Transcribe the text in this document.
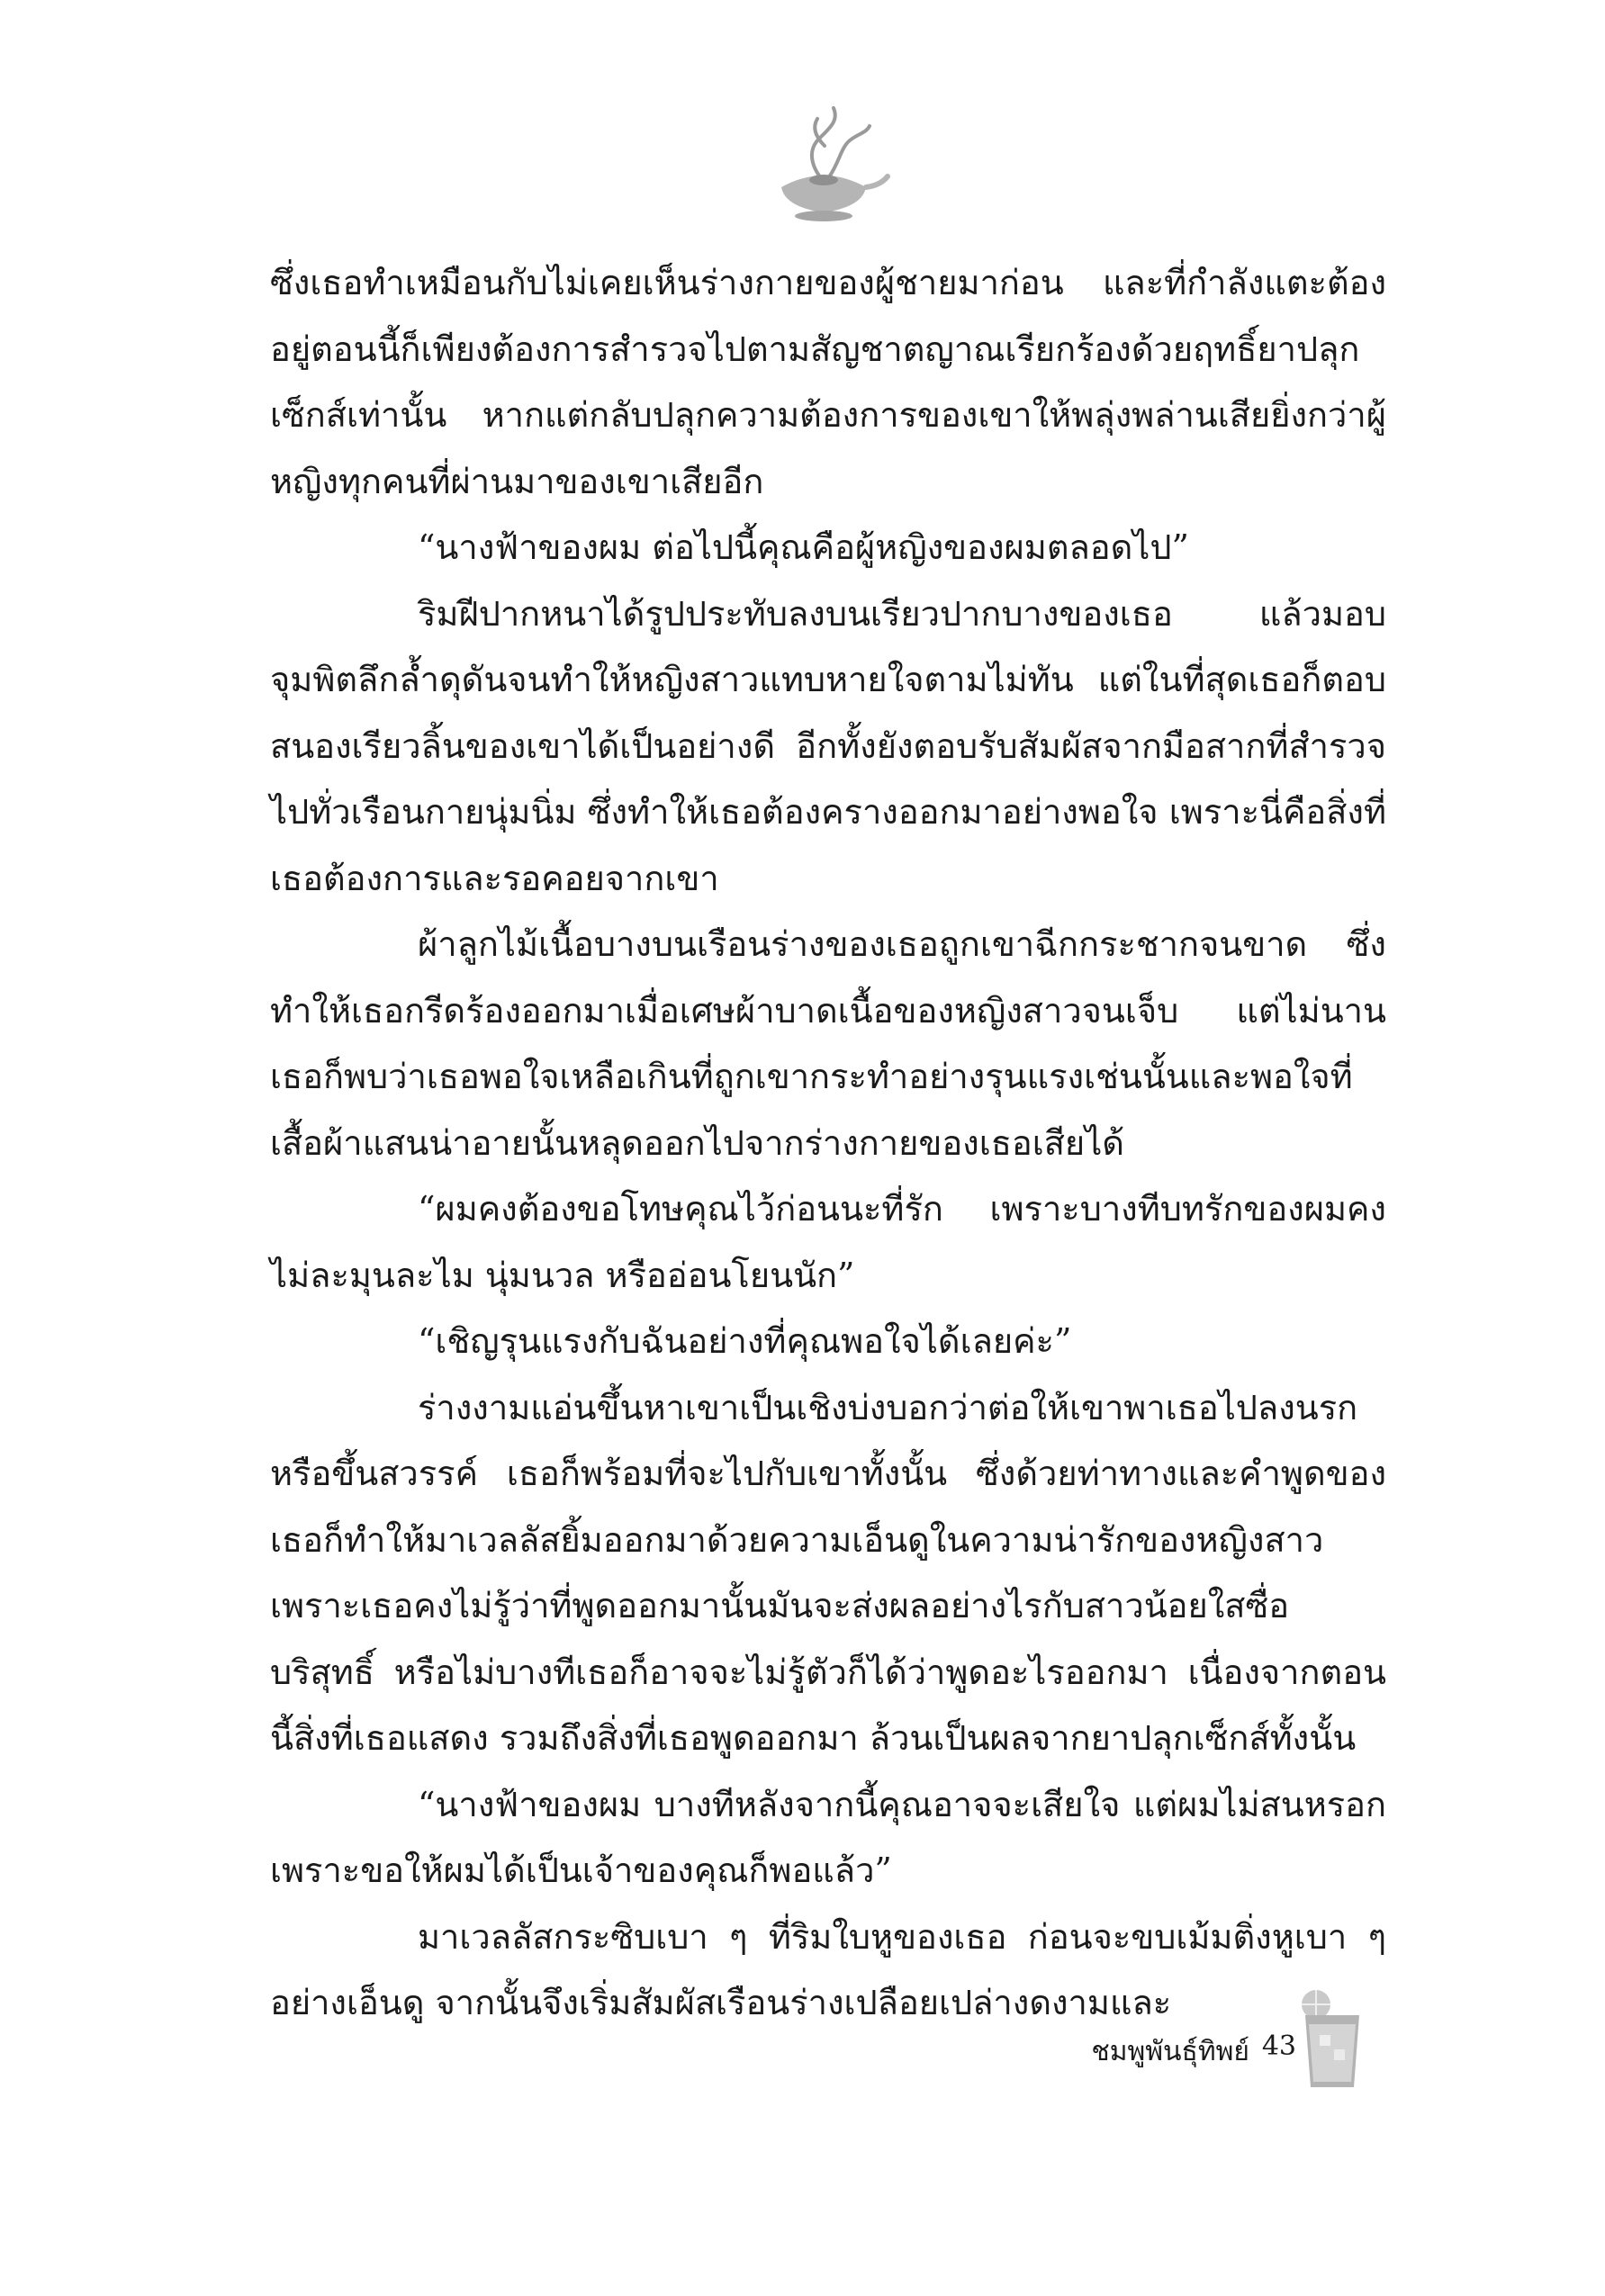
ซึ่งเธอทำเหมือนกับไม่เคยเห็นร่างกายของผู้ชายมาก่อน และที่กำลังแตะต้องอยู่ตอนนี้ก็เพียงต้องการสำรวจไปตามสัญชาตญาณเรียกร้องด้วยฤทธิ์ยาปลุกเซ็กส์เท่านั้น หากแต่กลับปลุกความต้องการของเขาให้พลุ่งพล่านเสียยิ่งกว่าผู้หญิงทุกคนที่ผ่านมาของเขาเสียอีก

“นางฟ้าของผม ต่อไปนี้คุณคือผู้หญิงของผมตลอดไป”

ริมฝีปากหนาได้รูปประทับลงบนเรียวปากบางของเธอ แล้วมอบจุมพิตลึกล้ำดุดันจนทำให้หญิงสาวแทบหายใจตามไม่ทัน แต่ในที่สุดเธอก็ตอบสนองเรียวลิ้นของเขาได้เป็นอย่างดี อีกทั้งยังตอบรับสัมผัสจากมือสากที่สำรวจไปทั่วเรือนกายนุ่มนิ่ม ซึ่งทำให้เธอต้องครางออกมาอย่างพอใจ เพราะนี่คือสิ่งที่เธอต้องการและรอคอยจากเขา

ผ้าลูกไม้เนื้อบางบนเรือนร่างของเธอถูกเขาฉีกกระชากจนขาด ซึ่งทำให้เธอกรีดร้องออกมาเมื่อเศษผ้าบาดเนื้อของหญิงสาวจนเจ็บ แต่ไม่นานเธอก็พบว่าเธอพอใจเหลือเกินที่ถูกเขากระทำอย่างรุนแรงเช่นนั้นและพอใจที่เสื้อผ้าแสนน่าอายนั้นหลุดออกไปจากร่างกายของเธอเสียได้

“ผมคงต้องขอโทษคุณไว้ก่อนนะที่รัก เพราะบางทีบทรักของผมคงไม่ละมุนละไม นุ่มนวล หรืออ่อนโยนนัก”

“เชิญรุนแรงกับฉันอย่างที่คุณพอใจได้เลยค่ะ”

ร่างงามแอ่นขึ้นหาเขาเป็นเชิงบ่งบอกว่าต่อให้เขาพาเธอไปลงนรกหรือขึ้นสวรรค์ เธอก็พร้อมที่จะไปกับเขาทั้งนั้น ซึ่งด้วยท่าทางและคำพูดของเธอก็ทำให้มาเวลลัสยิ้มออกมาด้วยความเอ็นดูในความน่ารักของหญิงสาว เพราะเธอคงไม่รู้ว่าที่พูดออกมานั้นมันจะส่งผลอย่างไรกับสาวน้อยใสซื่อบริสุทธิ์ หรือไม่บางทีเธอก็อาจจะไม่รู้ตัวก็ได้ว่าพูดอะไรออกมา เนื่องจากตอนนี้สิ่งที่เธอแสดง รวมถึงสิ่งที่เธอพูดออกมา ล้วนเป็นผลจากยาปลุกเซ็กส์ทั้งนั้น

“นางฟ้าของผม บางทีหลังจากนี้คุณอาจจะเสียใจ แต่ผมไม่สนหรอก เพราะขอให้ผมได้เป็นเจ้าของคุณก็พอแล้ว”

มาเวลลัสกระซิบเบา ๆ ที่ริมใบหูของเธอ ก่อนจะขบเม้มติ่งหูเบา ๆ อย่างเอ็นดู จากนั้นจึงเริ่มสัมผัสเรือนร่างเปลือยเปล่างดงามและ

ชมพูพันธุ์ทิพย์ 43
